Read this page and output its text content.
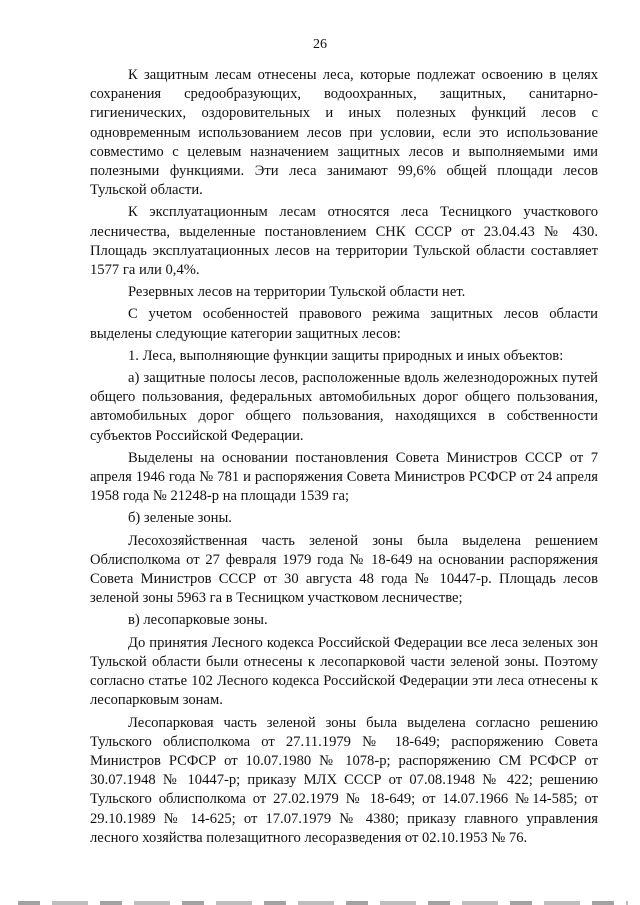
26

К защитным лесам отнесены леса, которые подлежат освоению в целях сохранения средообразующих, водоохранных, защитных, санитарно-гигиенических, оздоровительных и иных полезных функций лесов с одновременным использованием лесов при условии, если это использование совместимо с целевым назначением защитных лесов и выполняемыми ими полезными функциями. Эти леса занимают 99,6% общей площади лесов Тульской области.

К эксплуатационным лесам относятся леса Тесницкого участкового лесничества, выделенные постановлением СНК СССР от 23.04.43 № 430. Площадь эксплуатационных лесов на территории Тульской области составляет 1577 га или 0,4%.

Резервных лесов на территории Тульской области нет.

С учетом особенностей правового режима защитных лесов области выделены следующие категории защитных лесов:

1. Леса, выполняющие функции защиты природных и иных объектов:

а) защитные полосы лесов, расположенные вдоль железнодорожных путей общего пользования, федеральных автомобильных дорог общего пользования, автомобильных дорог общего пользования, находящихся в собственности субъектов Российской Федерации.

Выделены на основании постановления Совета Министров СССР от 7 апреля 1946 года № 781 и распоряжения Совета Министров РСФСР от 24 апреля 1958 года № 21248-р на площади 1539 га;

б) зеленые зоны.

Лесохозяйственная часть зеленой зоны была выделена решением Облисполкома от 27 февраля 1979 года № 18-649 на основании распоряжения Совета Министров СССР от 30 августа 48 года № 10447-р. Площадь лесов зеленой зоны 5963 га в Тесницком участковом лесничестве;

в) лесопарковые зоны.

До принятия Лесного кодекса Российской Федерации все леса зеленых зон Тульской области были отнесены к лесопарковой части зеленой зоны. Поэтому согласно статье 102 Лесного кодекса Российской Федерации эти леса отнесены к лесопарковым зонам.

Лесопарковая часть зеленой зоны была выделена согласно решению Тульского облисполкома от 27.11.1979 № 18-649; распоряжению Совета Министров РСФСР от 10.07.1980 № 1078-р; распоряжению СМ РСФСР от 30.07.1948 № 10447-р; приказу МЛХ СССР от 07.08.1948 № 422; решению Тульского облисполкома от 27.02.1979 № 18-649; от 14.07.1966 №14-585; от 29.10.1989 № 14-625; от 17.07.1979 № 4380; приказу главного управления лесного хозяйства полезащитного лесоразведения от 02.10.1953 № 76.
